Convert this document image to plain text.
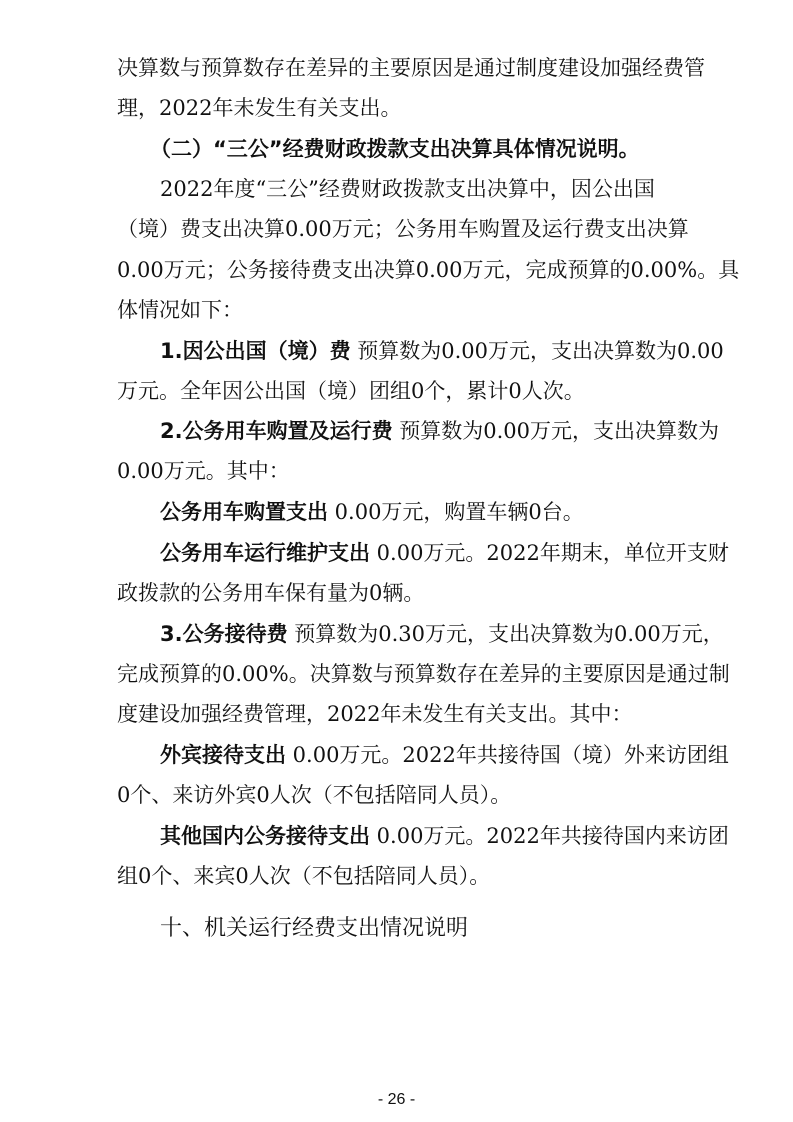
决算数与预算数存在差异的主要原因是通过制度建设加强经费管
理，2022年未发生有关支出。
（二）“三公”经费财政拨款支出决算具体情况说明。
2022年度“三公”经费财政拨款支出决算中，因公出国
（境）费支出决算0.00万元；公务用车购置及运行费支出决算
0.00万元；公务接待费支出决算0.00万元，完成预算的0.00%。具
体情况如下：
1.因公出国（境）费 预算数为0.00万元，支出决算数为0.00
万元。全年因公出国（境）团组0个，累计0人次。
2.公务用车购置及运行费 预算数为0.00万元，支出决算数为
0.00万元。其中：
公务用车购置支出 0.00万元，购置车辆0台。
公务用车运行维护支出 0.00万元。2022年期末，单位开支财
政拨款的公务用车保有量为0辆。
3.公务接待费 预算数为0.30万元，支出决算数为0.00万元，
完成预算的0.00%。决算数与预算数存在差异的主要原因是通过制
度建设加强经费管理，2022年未发生有关支出。其中：
外宾接待支出 0.00万元。2022年共接待国（境）外来访团组
0个、来访外宾0人次（不包括陪同人员）。
其他国内公务接待支出 0.00万元。2022年共接待国内来访团
组0个、来宾0人次（不包括陪同人员）。
十、机关运行经费支出情况说明
- 26 -
